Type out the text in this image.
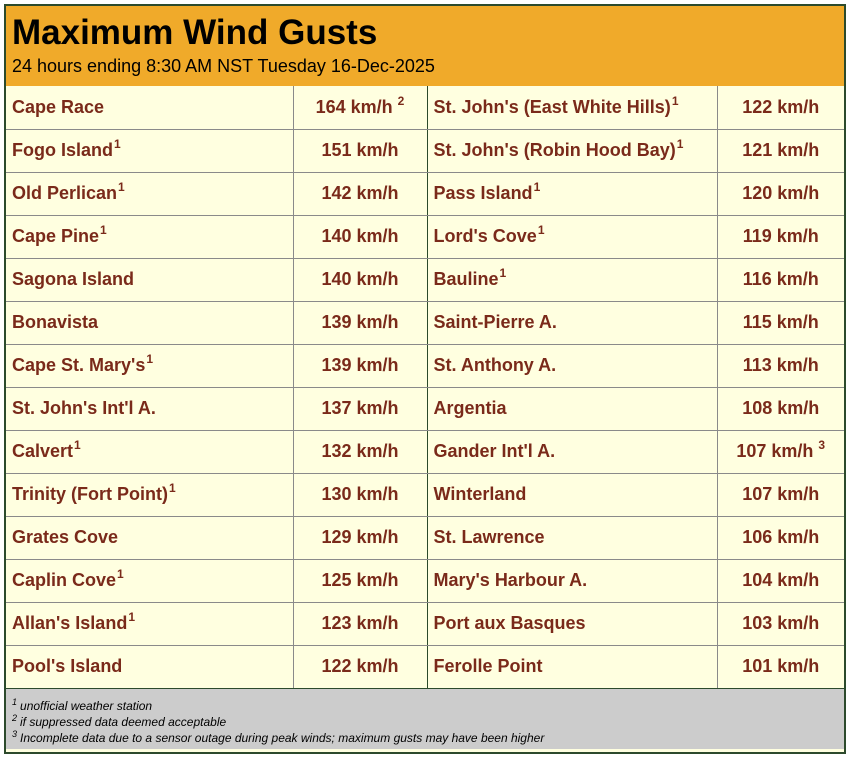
Maximum Wind Gusts
24 hours ending 8:30 AM NST Tuesday 16-Dec-2025
Cape Race	164 km/h $^2$	St. John's (East White Hills)$^1$	122 km/h
Fogo Island$^1$	151 km/h	St. John's (Robin Hood Bay)$^1$	121 km/h
Old Perlican$^1$	142 km/h	Pass Island$^1$	120 km/h
Cape Pine$^1$	140 km/h	Lord's Cove$^1$	119 km/h
Sagona Island	140 km/h	Bauline$^1$	116 km/h
Bonavista	139 km/h	Saint-Pierre A.	115 km/h
Cape St. $Mary's^1$	139 km/h	St. Anthony A.	113 km/h
St. John's Int'l A.	137 km/h	Argentia	108 km/h
Calvert$^1$	132 km/h	Gander Int'l A.	107 km/h $^3$
Trinity (Fort Point)$^1$	130 km/h	Winterland	107 km/h
Grates Cove	129 km/h	St. Lawrence	106 km/h
Caplin Cove$^1$	125 km/h	Mary's Harbour A.	104 km/h
Allan's Island$^1$	123 km/h	Port aux Basques	103 km/h
Pool's Island	122 km/h	Ferolle Point	101 km/h
$^1$ unofficial weather station
$^2$ if suppressed data deemed acceptable
$^3$ Incomplete data due to a sensor outage during peak winds; maximum gusts may have been higher
